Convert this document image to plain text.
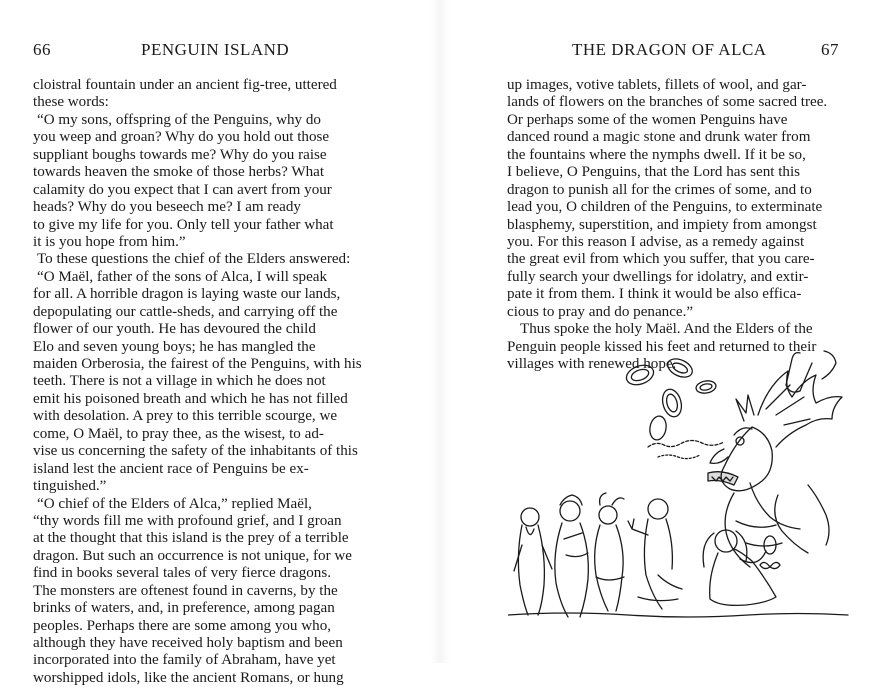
66	PENGUIN ISLAND
cloistral fountain under an ancient fig-tree, uttered
these words:
“O my sons, offspring of the Penguins, why do
you weep and groan? Why do you hold out those
suppliant boughs towards me? Why do you raise
towards heaven the smoke of those herbs? What
calamity do you expect that I can avert from your
heads? Why do you beseech me? I am ready
to give my life for you. Only tell your father what
it is you hope from him.”
To these questions the chief of the Elders answered:
“O Maël, father of the sons of Alca, I will speak
for all. A horrible dragon is laying waste our lands,
depopulating our cattle-sheds, and carrying off the
flower of our youth. He has devoured the child
Elo and seven young boys; he has mangled the
maiden Orberosia, the fairest of the Penguins, with his
teeth. There is not a village in which he does not
emit his poisoned breath and which he has not filled
with desolation. A prey to this terrible scourge, we
come, O Maël, to pray thee, as the wisest, to ad-
vise us concerning the safety of the inhabitants of this
island lest the ancient race of Penguins be ex-
tinguished.”
“O chief of the Elders of Alca,” replied Maël,
“thy words fill me with profound grief, and I groan
at the thought that this island is the prey of a terrible
dragon. But such an occurrence is not unique, for we
find in books several tales of very fierce dragons.
The monsters are oftenest found in caverns, by the
brinks of waters, and, in preference, among pagan
peoples. Perhaps there are some among you who,
although they have received holy baptism and been
incorporated into the family of Abraham, have yet
worshipped idols, like the ancient Romans, or hung
THE DRAGON OF ALCA	67
up images, votive tablets, fillets of wool, and gar-
lands of flowers on the branches of some sacred tree.
Or perhaps some of the women Penguins have
danced round a magic stone and drunk water from
the fountains where the nymphs dwell. If it be so,
I believe, O Penguins, that the Lord has sent this
dragon to punish all for the crimes of some, and to
lead you, O children of the Penguins, to exterminate
blasphemy, superstition, and impiety from amongst
you. For this reason I advise, as a remedy against
the great evil from which you suffer, that you care-
fully search your dwellings for idolatry, and extir-
pate it from them. I think it would be also effica-
cious to pray and do penance.”
Thus spoke the holy Maël. And the Elders of the
Penguin people kissed his feet and returned to their
villages with renewed hope.
